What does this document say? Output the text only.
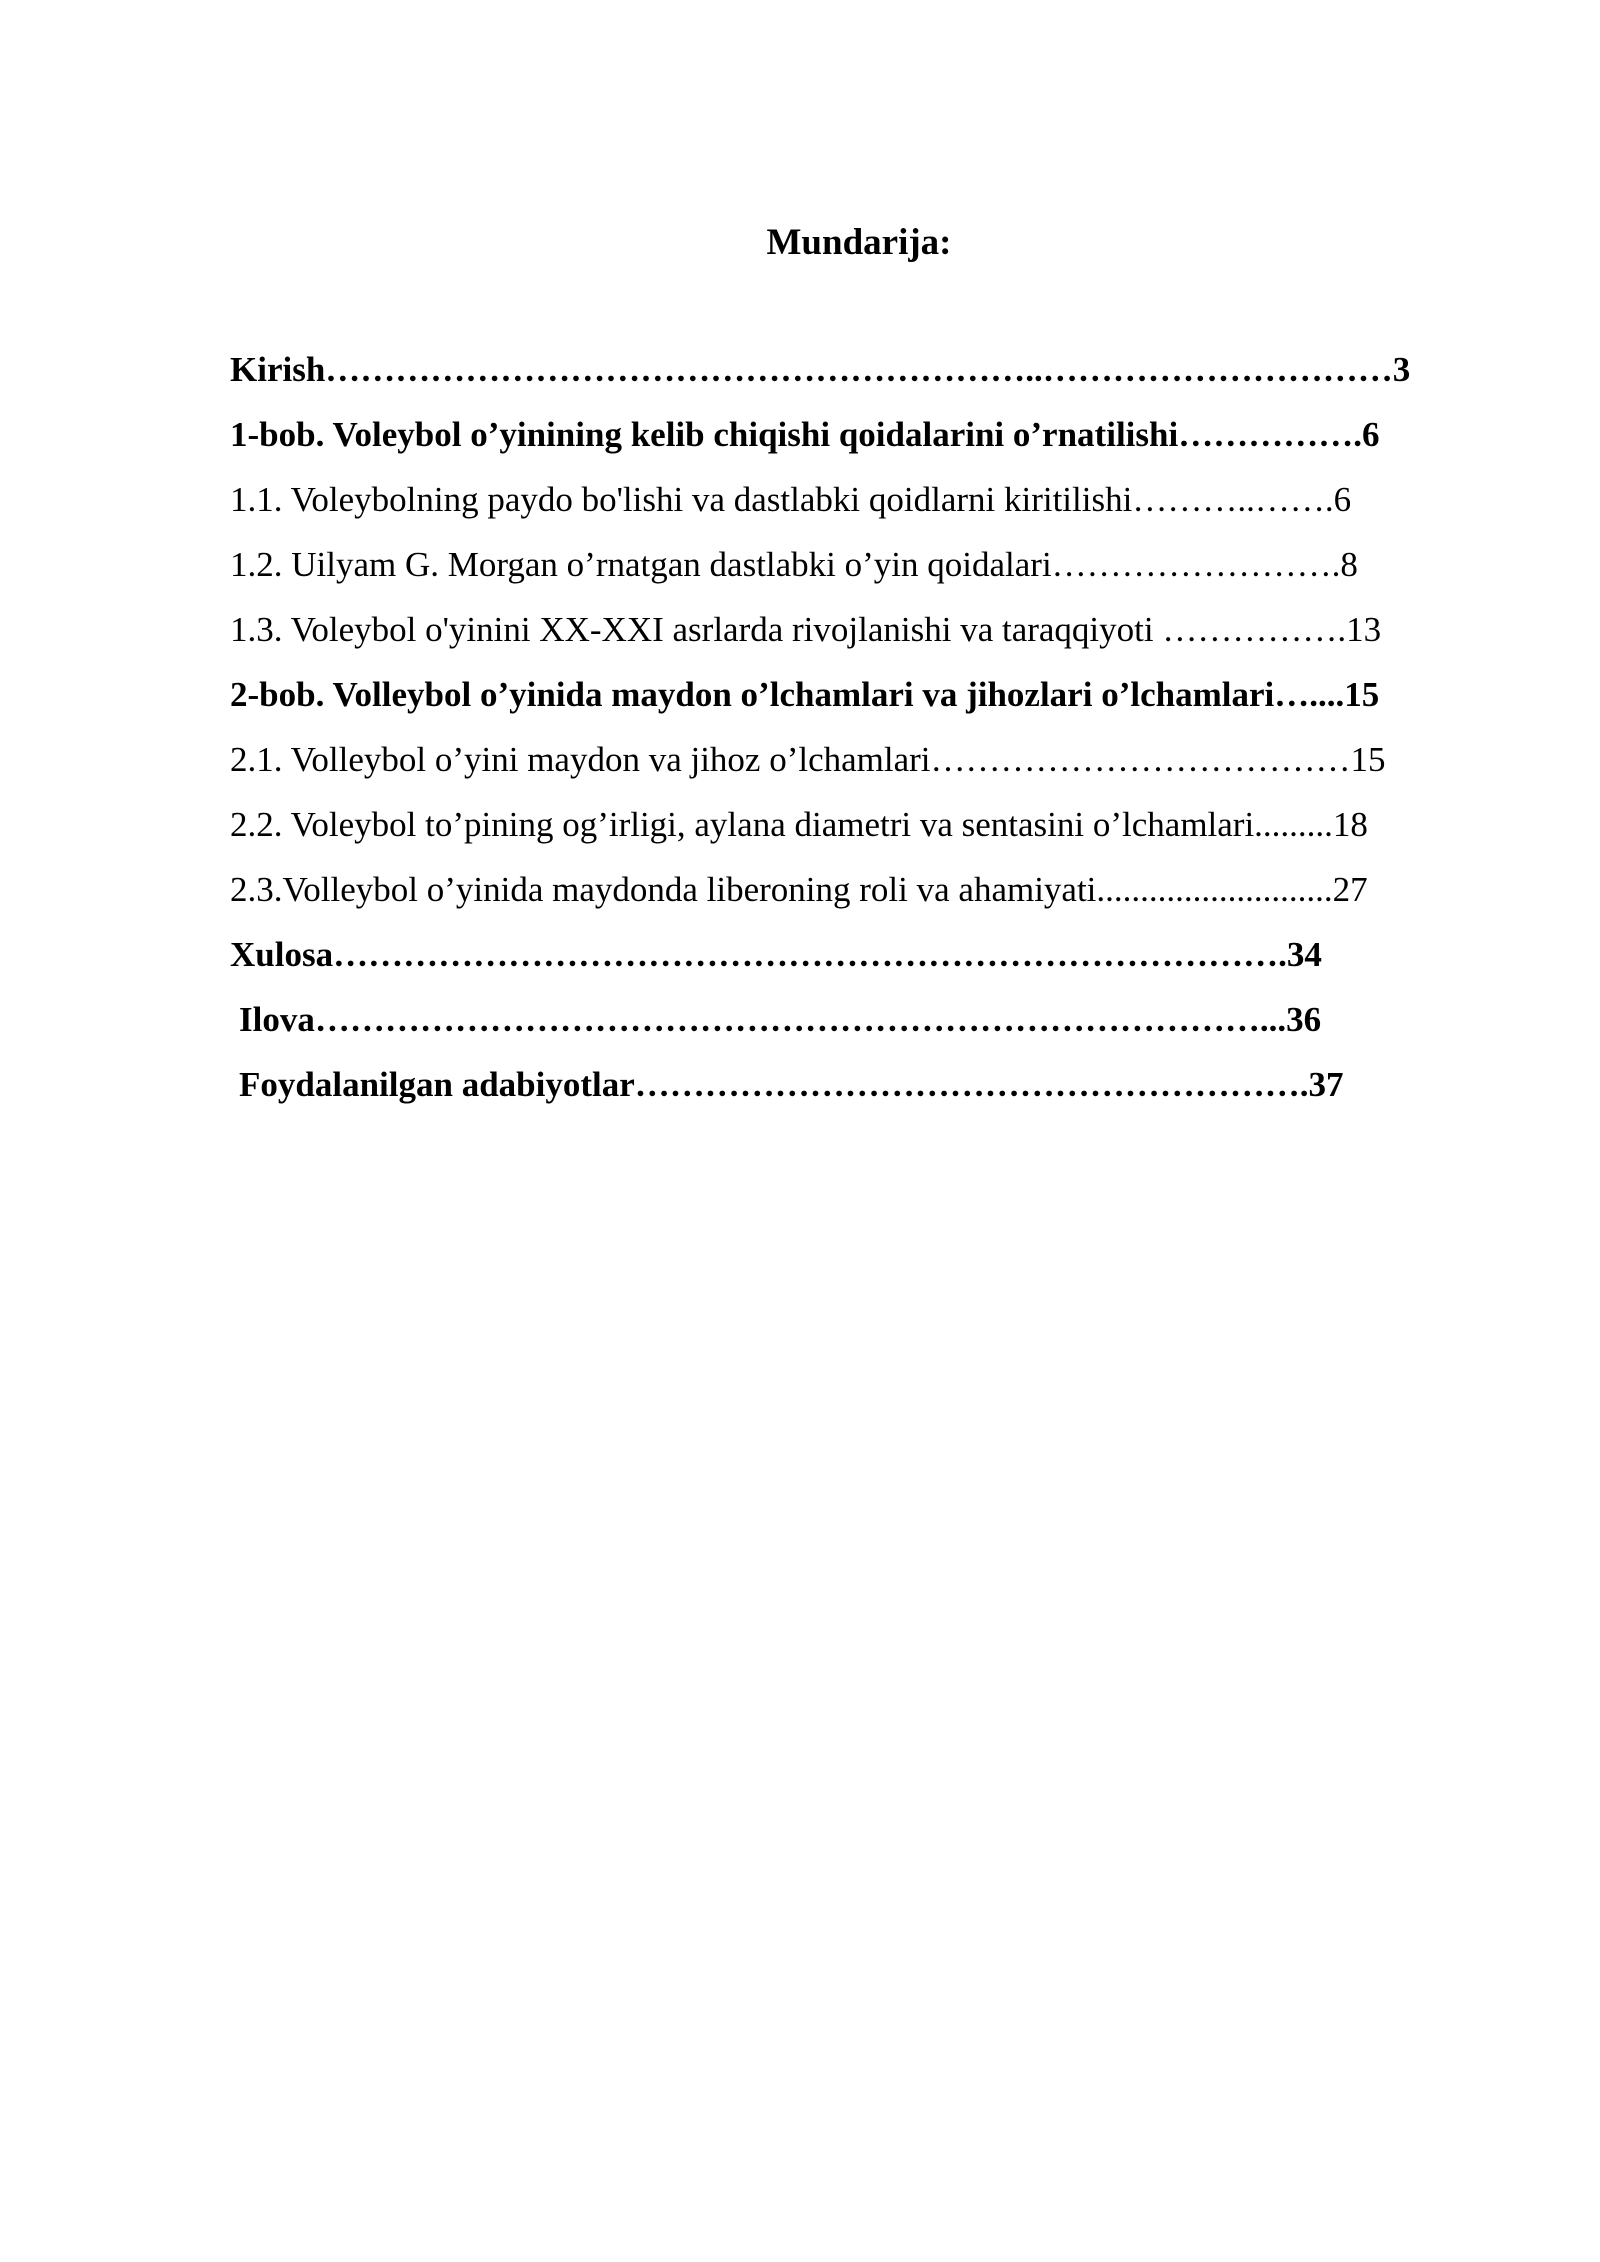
Mundarija:
Kirish……………………………………………………..…………………………3
1-bob. Voleybol o’yinining kelib chiqishi qoidalarini o’rnatilishi…………….6
1.1. Voleybolning paydo bo'lishi va dastlabki qoidlarni kiritilishi………..…….6
1.2. Uilyam G. Morgan o’rnatgan dastlabki o’yin qoidalari…………………….8
1.3. Voleybol o'yinini XX-XXI asrlarda rivojlanishi va taraqqiyoti …………….13
2-bob. Volleybol o’yinida maydon o’lchamlari va jihozlari o’lchamlari…....15
2.1. Volleybol o’yini maydon va jihoz o’lchamlari………………………………15
2.2. Voleybol to’pining og’irligi, aylana diametri va sentasini o’lchamlari.........18
2.3.Volleybol o’yinida maydonda liberoning roli va ahamiyati...........................27
Xulosa……………………………………………………………………….34
Ilova………………………………………………………………………...36
Foydalanilgan adabiyotlar………………………………………………….37
